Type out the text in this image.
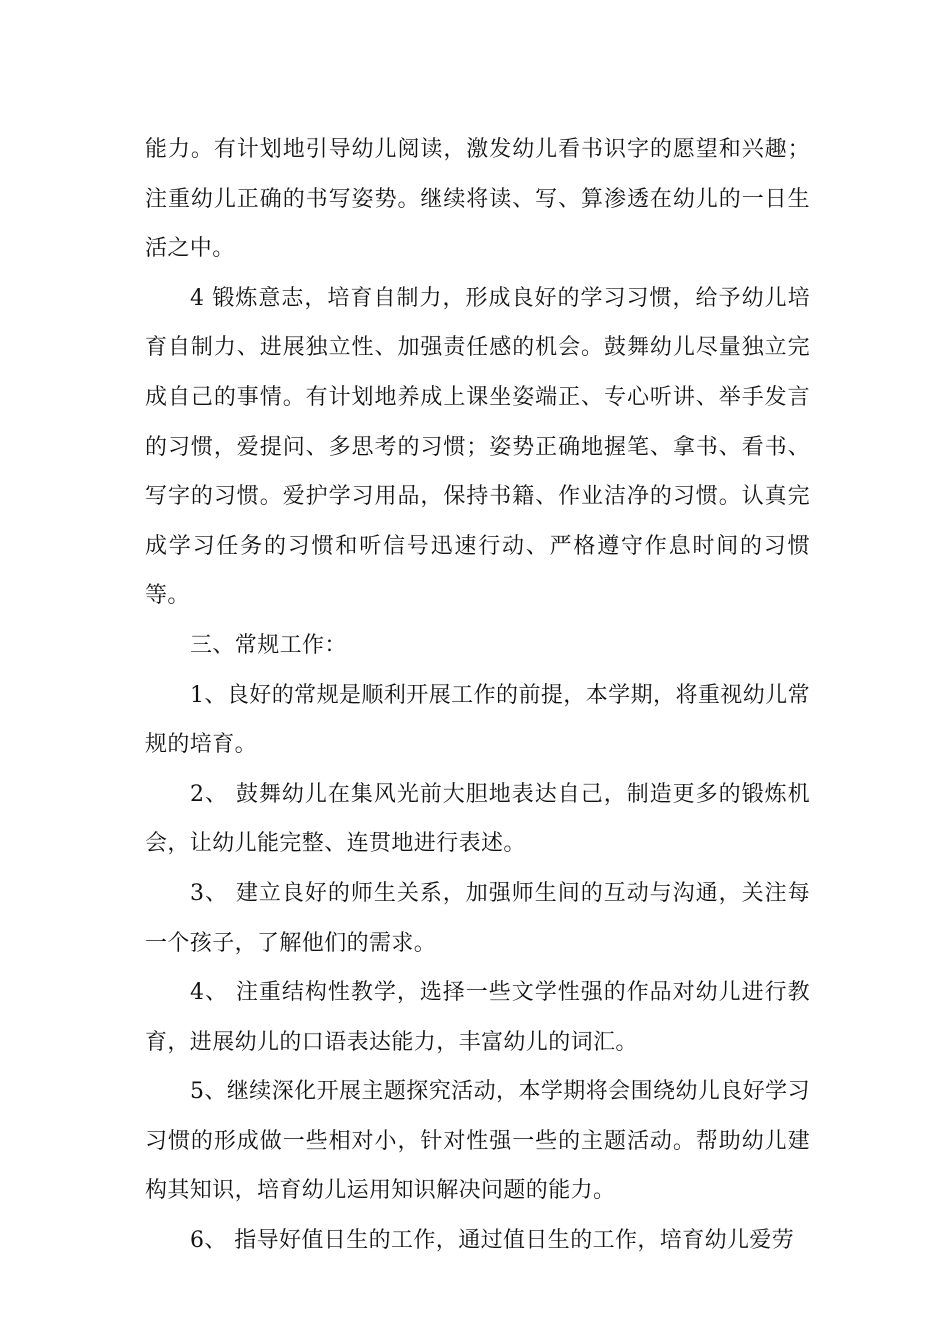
能力。有计划地引导幼儿阅读，激发幼儿看书识字的愿望和兴趣；注重幼儿正确的书写姿势。继续将读、写、算渗透在幼儿的一日生活之中。

4 锻炼意志，培育自制力，形成良好的学习习惯，给予幼儿培育自制力、进展独立性、加强责任感的机会。鼓舞幼儿尽量独立完成自己的事情。有计划地养成上课坐姿端正、专心听讲、举手发言的习惯，爱提问、多思考的习惯；姿势正确地握笔、拿书、看书、写字的习惯。爱护学习用品，保持书籍、作业洁净的习惯。认真完成学习任务的习惯和听信号迅速行动、严格遵守作息时间的习惯等。

三、常规工作：

1、良好的常规是顺利开展工作的前提，本学期，将重视幼儿常规的培育。

2、 鼓舞幼儿在集风光前大胆地表达自己，制造更多的锻炼机会，让幼儿能完整、连贯地进行表述。

3、 建立良好的师生关系，加强师生间的互动与沟通，关注每一个孩子，了解他们的需求。

4、 注重结构性教学，选择一些文学性强的作品对幼儿进行教育，进展幼儿的口语表达能力，丰富幼儿的词汇。

5、继续深化开展主题探究活动，本学期将会围绕幼儿良好学习习惯的形成做一些相对小，针对性强一些的主题活动。帮助幼儿建构其知识，培育幼儿运用知识解决问题的能力。

6、 指导好值日生的工作，通过值日生的工作，培育幼儿爱劳
